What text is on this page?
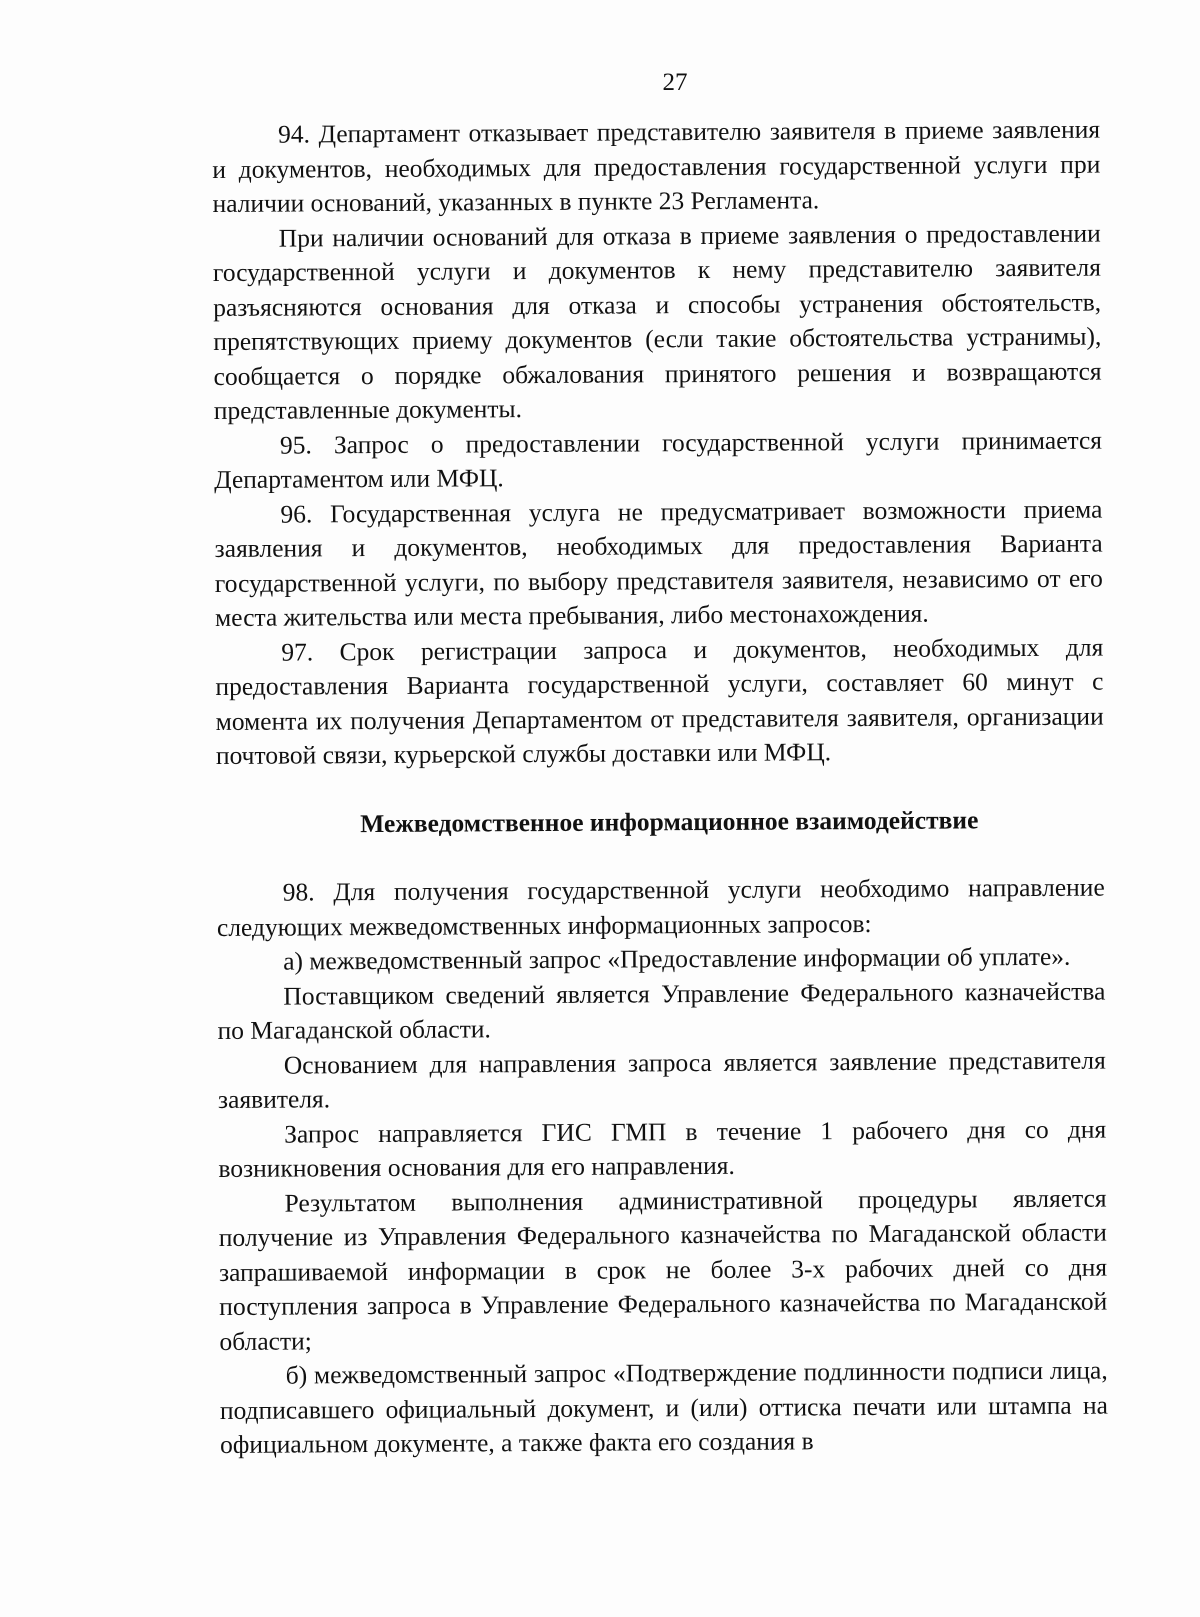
27

94. Департамент отказывает представителю заявителя в приеме заявления и документов, необходимых для предоставления государственной услуги при наличии оснований, указанных в пункте 23 Регламента.

При наличии оснований для отказа в приеме заявления о предоставлении государственной услуги и документов к нему представителю заявителя разъясняются основания для отказа и способы устранения обстоятельств, препятствующих приему документов (если такие обстоятельства устранимы), сообщается о порядке обжалования принятого решения и возвращаются представленные документы.

95. Запрос о предоставлении государственной услуги принимается Департаментом или МФЦ.

96. Государственная услуга не предусматривает возможности приема заявления и документов, необходимых для предоставления Варианта государственной услуги, по выбору представителя заявителя, независимо от его места жительства или места пребывания, либо местонахождения.

97. Срок регистрации запроса и документов, необходимых для предоставления Варианта государственной услуги, составляет 60 минут с момента их получения Департаментом от представителя заявителя, организации почтовой связи, курьерской службы доставки или МФЦ.

Межведомственное информационное взаимодействие

98. Для получения государственной услуги необходимо направление следующих межведомственных информационных запросов:

а) межведомственный запрос «Предоставление информации об уплате».

Поставщиком сведений является Управление Федерального казначейства по Магаданской области.

Основанием для направления запроса является заявление представителя заявителя.

Запрос направляется ГИС ГМП в течение 1 рабочего дня со дня возникновения основания для его направления.

Результатом выполнения административной процедуры является получение из Управления Федерального казначейства по Магаданской области запрашиваемой информации в срок не более 3-х рабочих дней со дня поступления запроса в Управление Федерального казначейства по Магаданской области;

б) межведомственный запрос «Подтверждение подлинности подписи лица, подписавшего официальный документ, и (или) оттиска печати или штампа на официальном документе, а также факта его создания в
